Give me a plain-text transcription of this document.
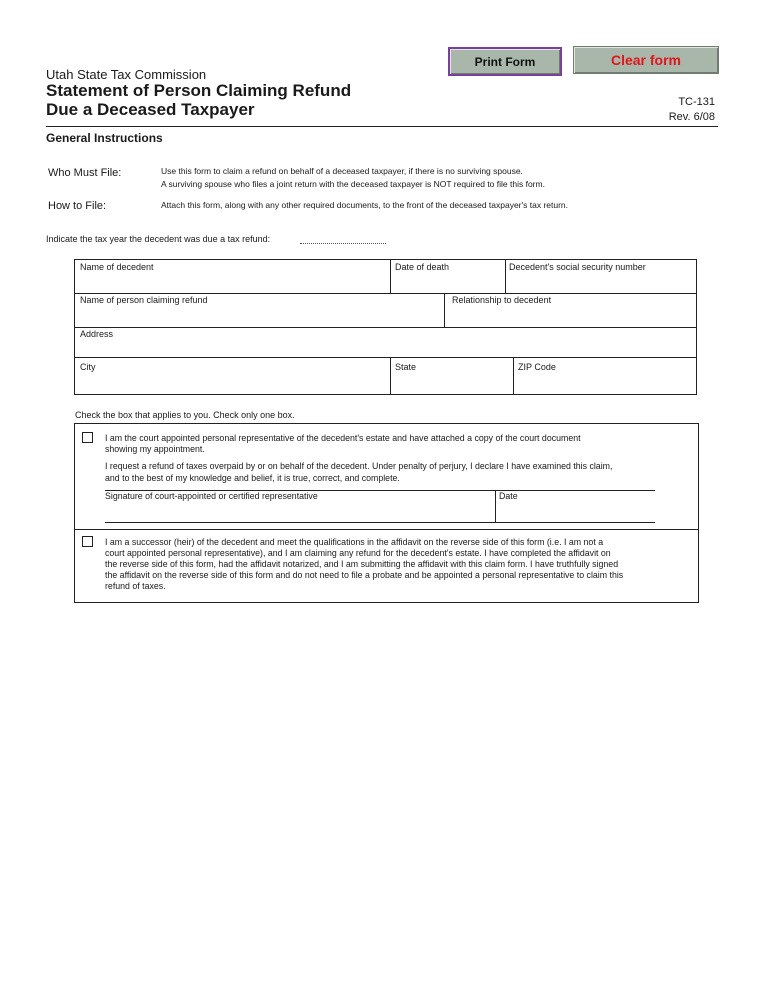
Print Form	Clear form
Utah State Tax Commission
Statement of Person Claiming Refund
Due a Deceased Taxpayer	TC-131
Rev. 6/08
General Instructions
Who Must File:	Use this form to claim a refund on behalf of a deceased taxpayer, if there is no surviving spouse.
A surviving spouse who files a joint return with the deceased taxpayer is NOT required to file this form.
How to File:	Attach this form, along with any other required documents, to the front of the deceased taxpayer's tax return.
Indicate the tax year the decedent was due a tax refund:
Name of decedent	Date of death	Decedent's social security number
Name of person claiming refund	Relationship to decedent
Address
City	State	ZIP Code
Check the box that applies to you. Check only one box.
I am the court appointed personal representative of the decedent's estate and have attached a copy of the court document
showing my appointment.
I request a refund of taxes overpaid by or on behalf of the decedent. Under penalty of perjury, I declare I have examined this claim,
and to the best of my knowledge and belief, it is true, correct, and complete.
Signature of court-appointed or certified representative	Date
I am a successor (heir) of the decedent and meet the qualifications in the affidavit on the reverse side of this form (i.e. I am not a
court appointed personal representative), and I am claiming any refund for the decedent's estate. I have completed the affidavit on
the reverse side of this form, had the affidavit notarized, and I am submitting the affidavit with this claim form. I have truthfully signed
the affidavit on the reverse side of this form and do not need to file a probate and be appointed a personal representative to claim this
refund of taxes.
